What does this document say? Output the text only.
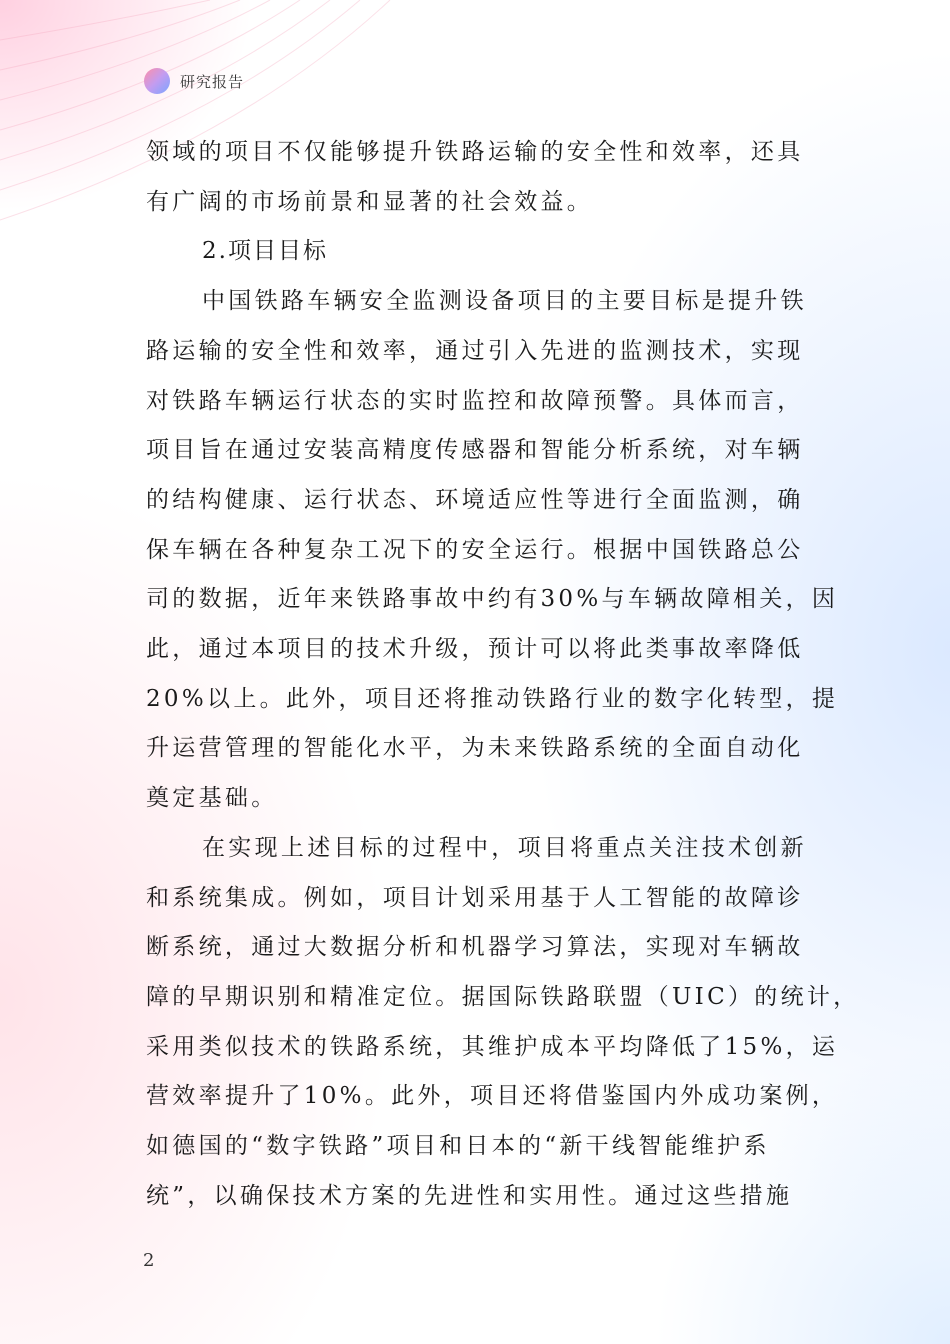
研究报告

领域的项目不仅能够提升铁路运输的安全性和效率，还具
有广阔的市场前景和显著的社会效益。

2.项目目标

中国铁路车辆安全监测设备项目的主要目标是提升铁
路运输的安全性和效率，通过引入先进的监测技术，实现
对铁路车辆运行状态的实时监控和故障预警。具体而言，
项目旨在通过安装高精度传感器和智能分析系统，对车辆
的结构健康、运行状态、环境适应性等进行全面监测，确
保车辆在各种复杂工况下的安全运行。根据中国铁路总公
司的数据，近年来铁路事故中约有30%与车辆故障相关，因
此，通过本项目的技术升级，预计可以将此类事故率降低
20%以上。此外，项目还将推动铁路行业的数字化转型，提
升运营管理的智能化水平，为未来铁路系统的全面自动化
奠定基础。

在实现上述目标的过程中，项目将重点关注技术创新
和系统集成。例如，项目计划采用基于人工智能的故障诊
断系统，通过大数据分析和机器学习算法，实现对车辆故
障的早期识别和精准定位。据国际铁路联盟（UIC）的统计，
采用类似技术的铁路系统，其维护成本平均降低了15%，运
营效率提升了10%。此外，项目还将借鉴国内外成功案例，
如德国的“数字铁路”项目和日本的“新干线智能维护系
统”，以确保技术方案的先进性和实用性。通过这些措施

2
